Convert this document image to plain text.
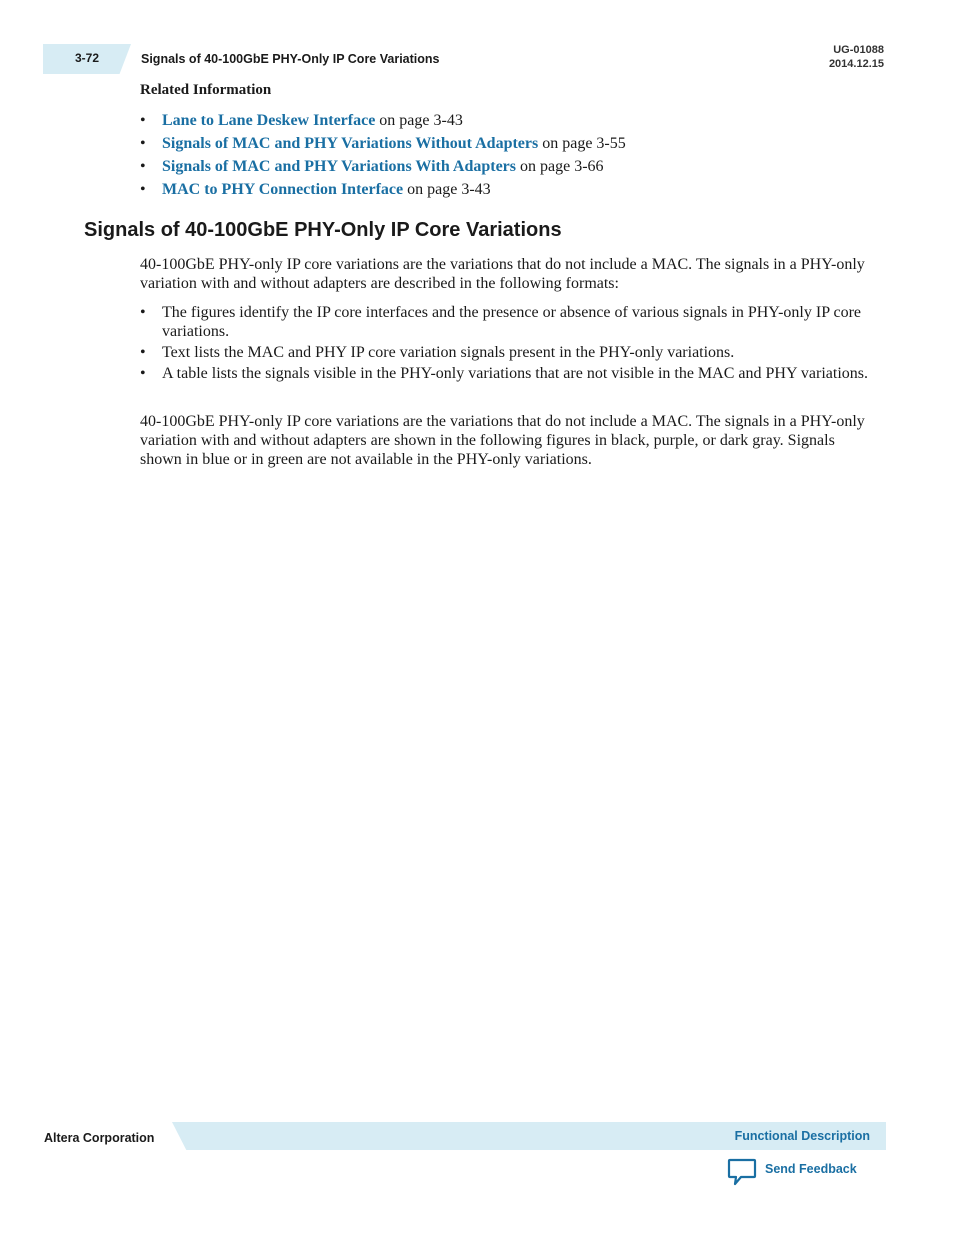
3-72	Signals of 40-100GbE PHY-Only IP Core Variations
UG-01088
2014.12.15
Related Information
• Lane to Lane Deskew Interface on page 3-43
• Signals of MAC and PHY Variations Without Adapters on page 3-55
• Signals of MAC and PHY Variations With Adapters on page 3-66
• MAC to PHY Connection Interface on page 3-43
Signals of 40-100GbE PHY-Only IP Core Variations

40-100GbE PHY-only IP core variations are the variations that do not include a MAC. The signals in a PHY-only variation with and without adapters are described in the following formats:

• The figures identify the IP core interfaces and the presence or absence of various signals in PHY-only IP core variations.
• Text lists the MAC and PHY IP core variation signals present in the PHY-only variations.
• A table lists the signals visible in the PHY-only variations that are not visible in the MAC and PHY variations.

40-100GbE PHY-only IP core variations are the variations that do not include a MAC. The signals in a PHY-only variation with and without adapters are shown in the following figures in black, purple, or dark gray. Signals shown in blue or in green are not available in the PHY-only variations.

Altera Corporation	Functional Description
Send Feedback
